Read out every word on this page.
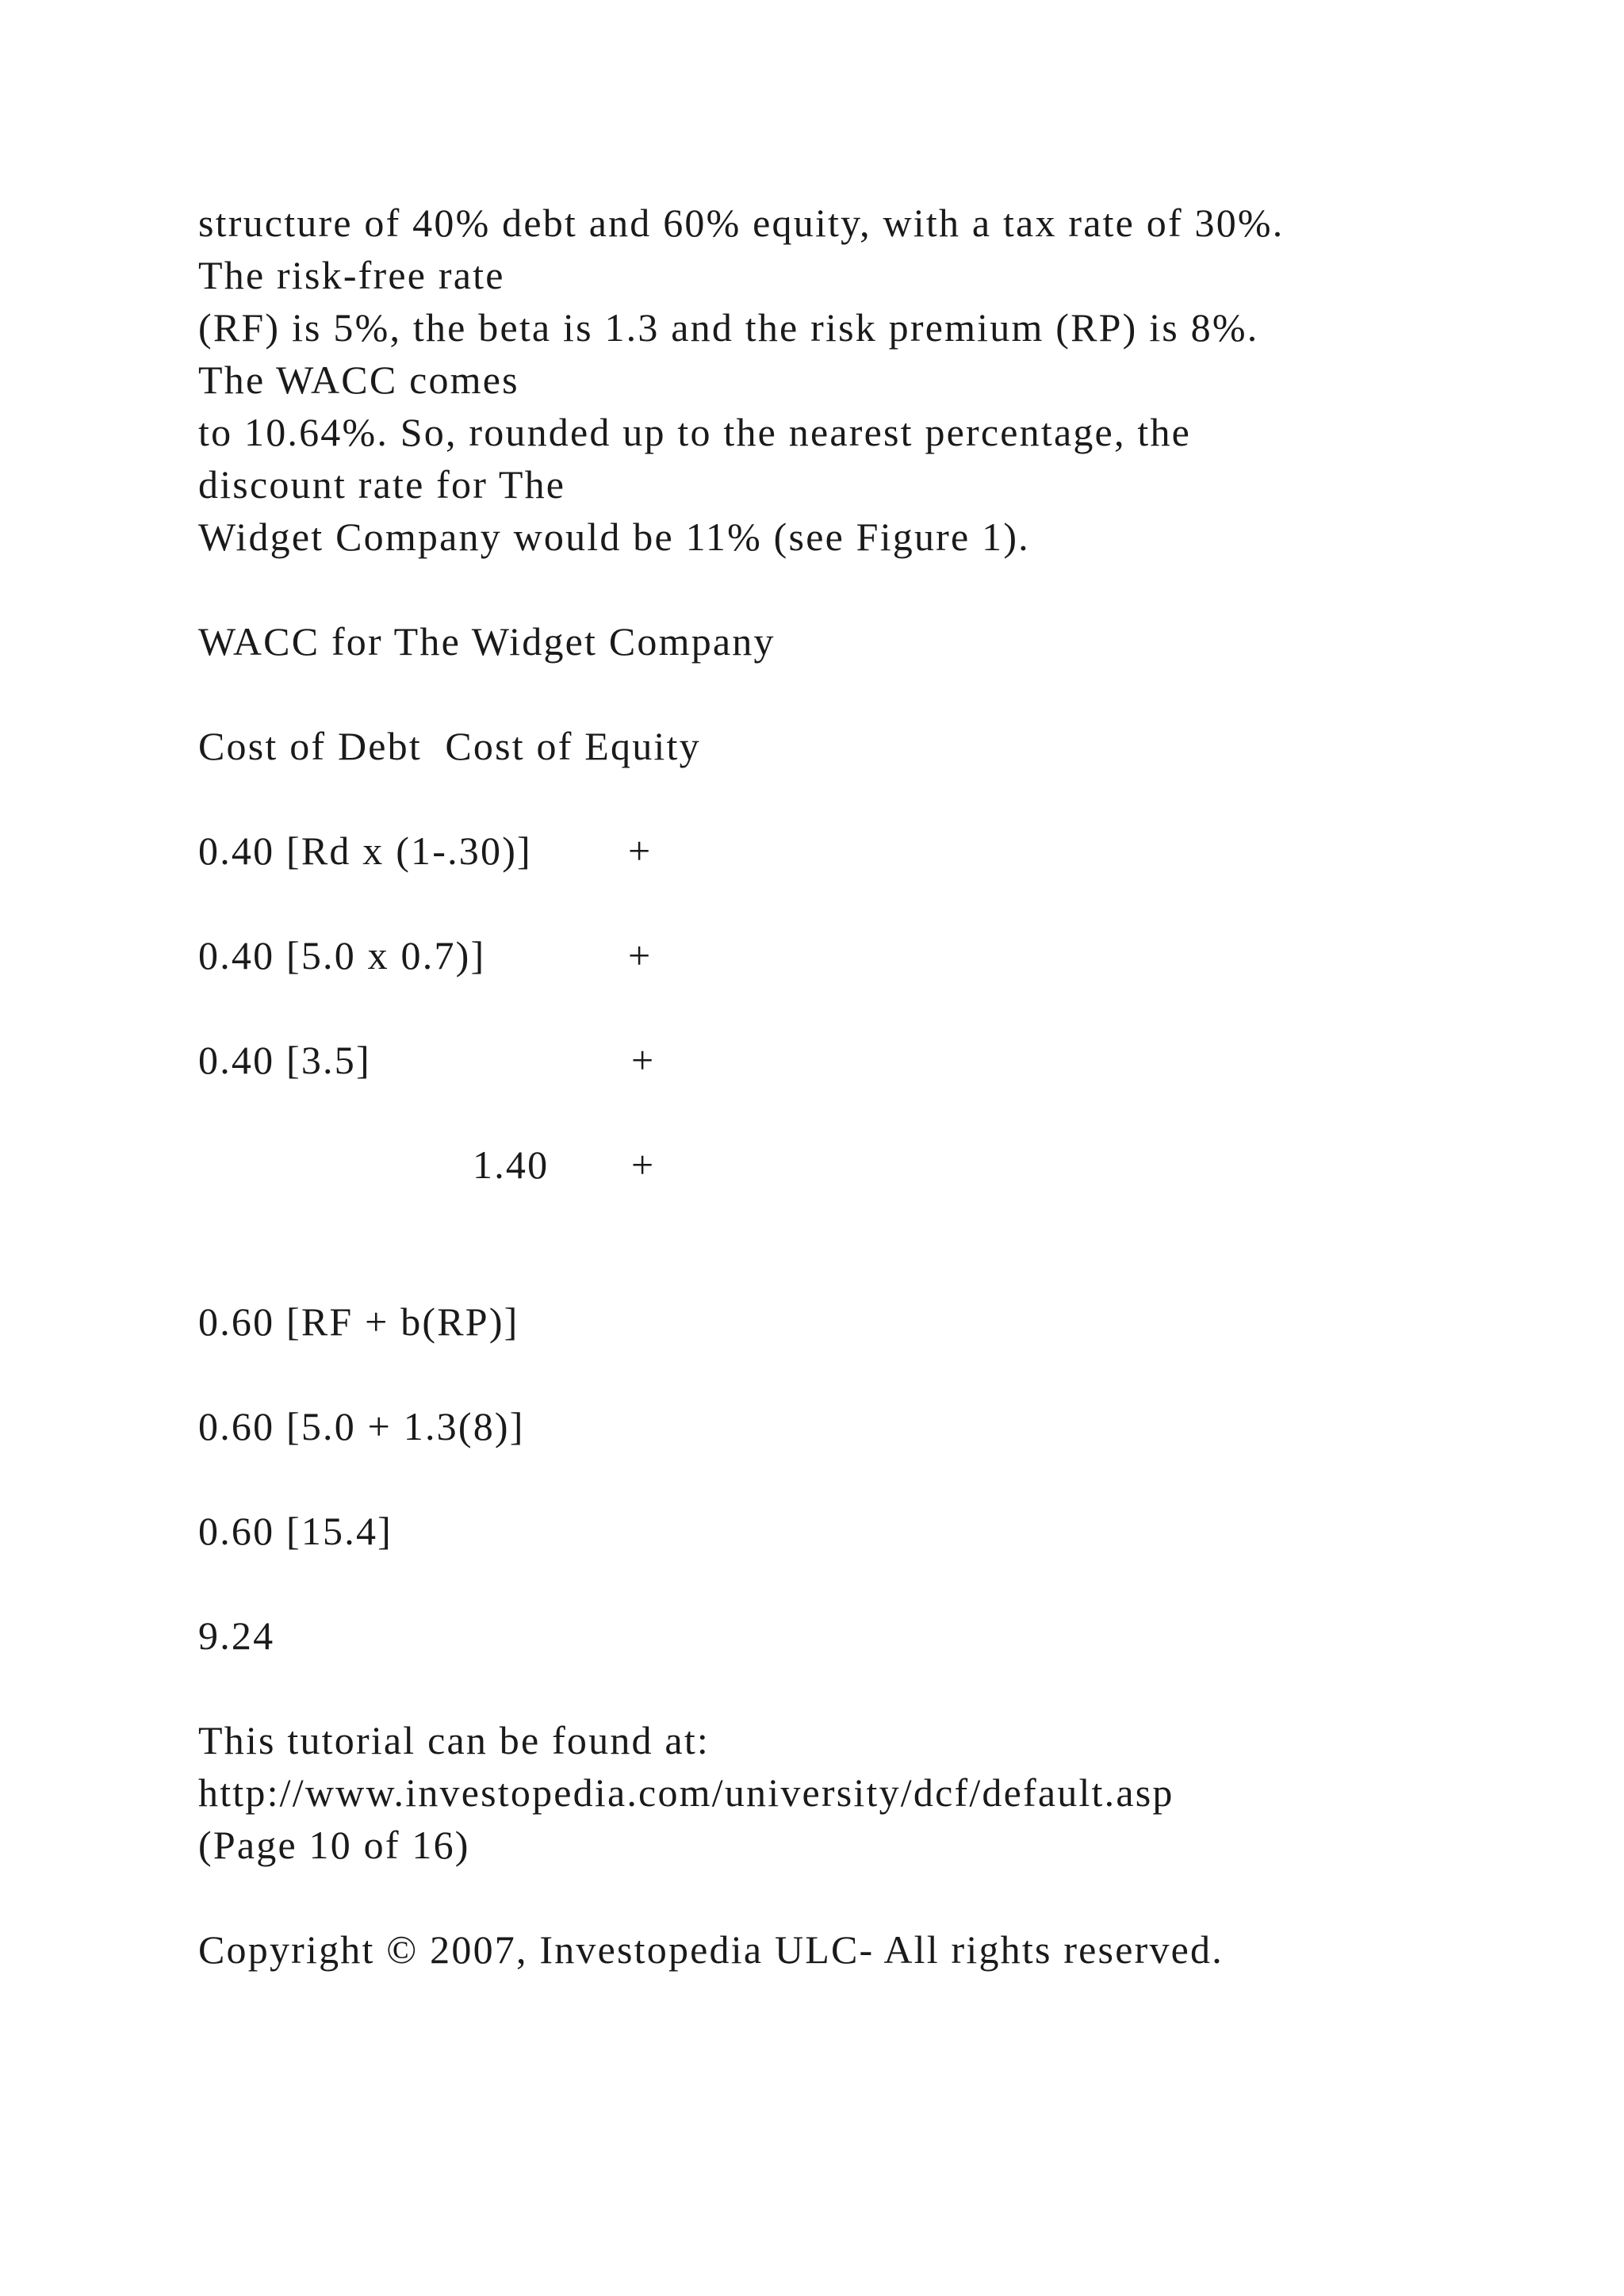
structure of 40% debt and 60% equity, with a tax rate of 30%.
The risk-free rate
(RF) is 5%, the beta is 1.3 and the risk premium (RP) is 8%.
The WACC comes
to 10.64%. So, rounded up to the nearest percentage, the
discount rate for The
Widget Company would be 11% (see Figure 1).
WACC for The Widget Company
Cost of Debt  Cost of Equity
0.40 [Rd x (1-.30)] +
0.40 [5.0 x 0.7)]	+
0.40 [3.5]	+
1.40 +
0.60 [RF + b(RP)]
0.60 [5.0 + 1.3(8)]
0.60 [15.4]
9.24
This tutorial can be found at:
http://www.investopedia.com/university/dcf/default.asp
(Page 10 of 16)
Copyright © 2007, Investopedia ULC- All rights reserved.
